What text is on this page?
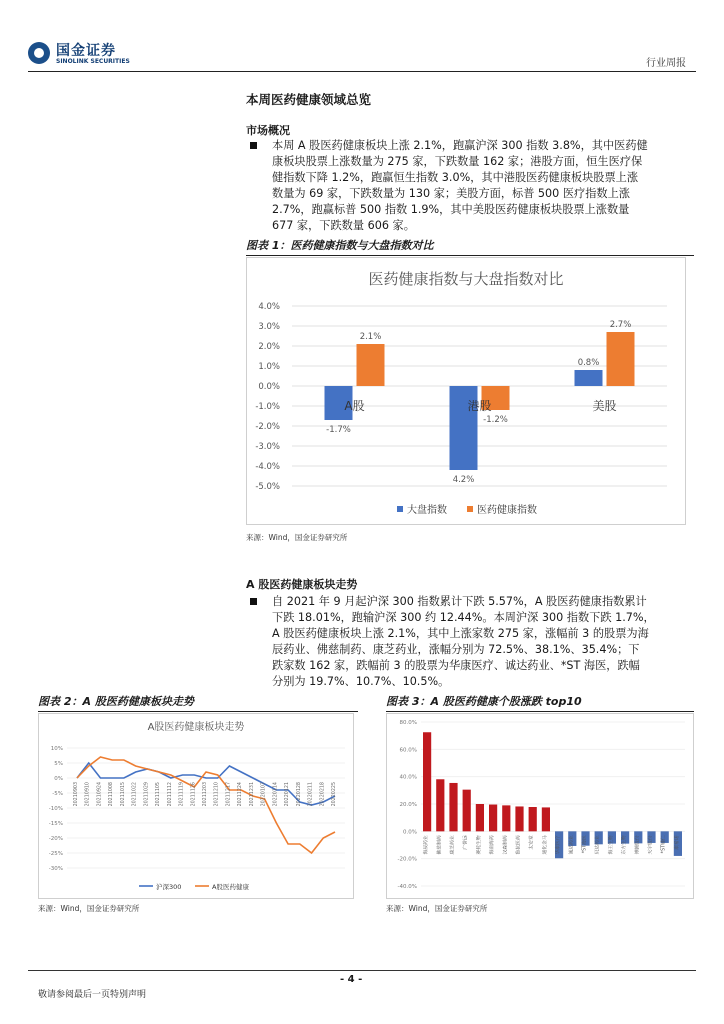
国金证券
SINOLINK SECURITIES	行业周报
本周医药健康领域总览
市场概况

本周 A 股医药健康板块上涨 2.1%，跑赢沪深 300 指数 3.8%，其中医药健
康板块股票上涨数量为 275 家，下跌数量 162 家；港股方面，恒生医疗保
健指数下降 1.2%，跑赢恒生指数 3.0%，其中港股医药健康板块股票上涨
数量为 69 家，下跌数量为 130 家；美股方面，标普 500 医疗指数上涨
2.7%，跑赢标普 500 指数 1.9%，其中美股医药健康板块股票上涨数量
677 家，下跌数量 606 家。

图表 1：医药健康指数与大盘指数对比
医药健康指数与大盘指数对比
4.0%
3.0%
2.0%
1.0%
0.0%
-1.0%
-2.0%
-3.0%
-4.0%
-5.0%
-1.7%
2.1%
A股
4.2%
-1.2%
港股
0.8%
2.7%
美股
大盘指数	医药健康指数
来源：Wind，国金证券研究所
A 股医药健康板块走势

自 2021 年 9 月起沪深 300 指数累计下跌 5.57%，A 股医药健康指数累计
下跌 18.01%，跑输沪深 300 约 12.44%。本周沪深 300 指数下跌 1.7%，
A 股医药健康板块上涨 2.1%，其中上涨家数 275 家，涨幅前 3 的股票为海
辰药业、佛慈制药、康芝药业，涨幅分别为 72.5%、38.1%、35.4%；下
跌家数 162 家，跌幅前 3 的股票为华康医疗、诚达药业、*ST 海医，跌幅
分别为 19.7%、10.7%、10.5%。

图表 2：A 股医药健康板块走势
A股医药健康板块走势
10%
5%
0%
-5%
-10%
-15%
-20%
-25%
-30%
20210903 20210910 20210924 20211008 20211015 20211022 20211029 20211105 20211112 20211119 20211126 20211203 20211210 20211217 20211224 20211231 20220107 20220114 20220121 20220128 20220211 20220218 20220225
沪深300	A股医药健康
来源：Wind，国金证券研究所
图表 3：A 股医药健康个股涨跌 top10
80.0%
60.0%
40.0%
20.0%
0.0%
-20.0%
-40.0%
海辰药业	佛慈制药	康芝药业	广誉远	赛托生物	海南海药	汉森制药	鲁抗医药	太安堂	通化金马	华康医疗	诚达药业	*ST海医	贝达药业	海王生物	东方生物	博腾股份	天宇股份	*ST辅仁	康希诺
来源：Wind，国金证券研究所
- 4 -
敬请参阅最后一页特别声明
